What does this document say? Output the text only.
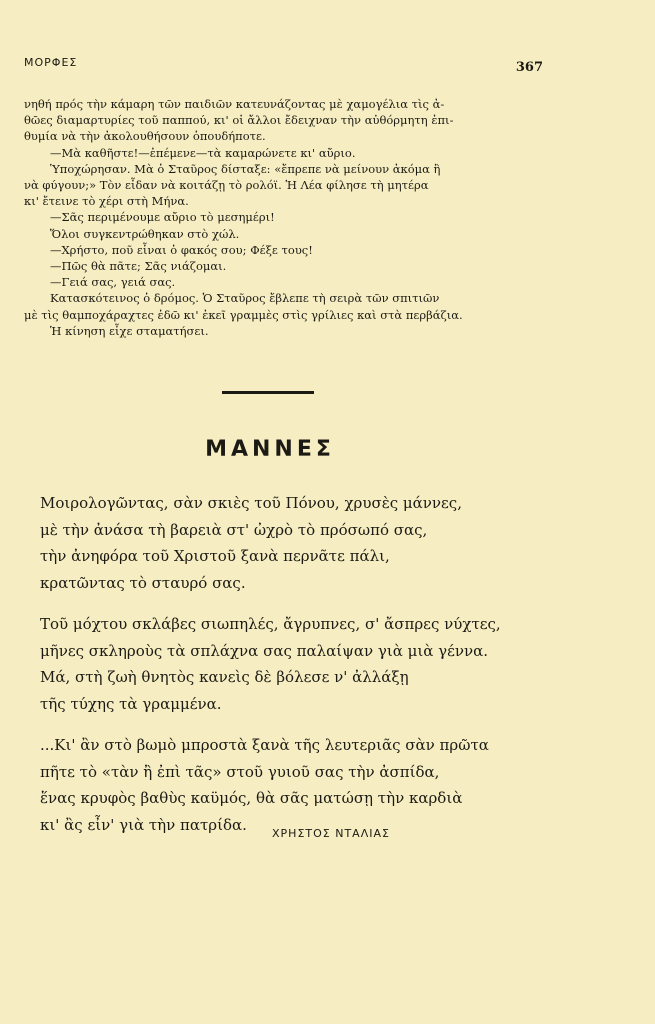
ΜΟΡΦΕΣ	367

νηθή πρός τὴν κάμαρη τῶν παιδιῶν κατευνάζοντας μὲ χαμογέλια τὶς ἀ-

θῶες διαμαρτυρίες τοῦ παππού, κι' οἱ ἄλλοι ἔδειχναν τὴν αὐθόρμητη ἐπι-

θυμία νὰ τὴν ἀκολουθήσουν ὁπουδήποτε.

—Μὰ καθῆστε!—ἐπέμενε—τὰ καμαρώνετε κι' αὔριο.

Ὑποχώρησαν. Μὰ ὁ Σταῦρος δίσταξε: «ἔπρεπε νὰ μείνουν ἀκόμα ἢ

νὰ φύγουν;» Τὸν εἶδαν νὰ κοιτάζῃ τὸ ρολόϊ. Ἡ Λέα φίλησε τὴ μητέρα

κι' ἔτεινε τὸ χέρι στὴ Μήνα.

—Σᾶς περιμένουμε αὔριο τὸ μεσημέρι!

Ὅλοι συγκεντρώθηκαν στὸ χώλ.

—Χρήστο, ποῦ εἶναι ὁ φακός σου; Φέξε τους!

—Πῶς θὰ πᾶτε; Σᾶς νιάζομαι.

—Γειά σας, γειά σας.

Κατασκότεινος ὁ δρόμος. Ὁ Σταῦρος ἔβλεπε τὴ σειρὰ τῶν σπιτιῶν

μὲ τὶς θαμποχάραχτες ἐδῶ κι' ἐκεῖ γραμμὲς στὶς γρίλιες καὶ στὰ περβάζια.

Ἡ κίνηση εἶχε σταματήσει.

ΜΑΝΝΕΣ

Μοιρολογῶντας, σὰν σκιὲς τοῦ Πόνου, χρυσὲς μάννες,

μὲ τὴν ἀνάσα τὴ βαρειὰ στ' ὠχρὸ τὸ πρόσωπό σας,

τὴν ἀνηφόρα τοῦ Χριστοῦ ξανὰ περνᾶτε πάλι,

κρατῶντας τὸ σταυρό σας.

Τοῦ μόχτου σκλάβες σιωπηλές, ἄγρυπνες, σ' ἄσπρες νύχτες,

μῆνες σκληροὺς τὰ σπλάχνα σας παλαίψαν γιὰ μιὰ γέννα.

Μά, στὴ ζωὴ θνητὸς κανεὶς δὲ βόλεσε ν' ἀλλάξῃ

τῆς τύχης τὰ γραμμένα.

...Κι' ἂν στὸ βωμὸ μπροστὰ ξανὰ τῆς λευτεριᾶς σὰν πρῶτα

πῆτε τὸ «τὰν ἢ ἐπὶ τᾶς» στοῦ γυιοῦ σας τὴν ἀσπίδα,

ἕνας κρυφὸς βαθὺς καϋμός, θὰ σᾶς ματώσῃ τὴν καρδιὰ

κι' ἂς εἶν' γιὰ τὴν πατρίδα.	ΧΡΗΣΤΟΣ ΝΤΑΛΙΑΣ
